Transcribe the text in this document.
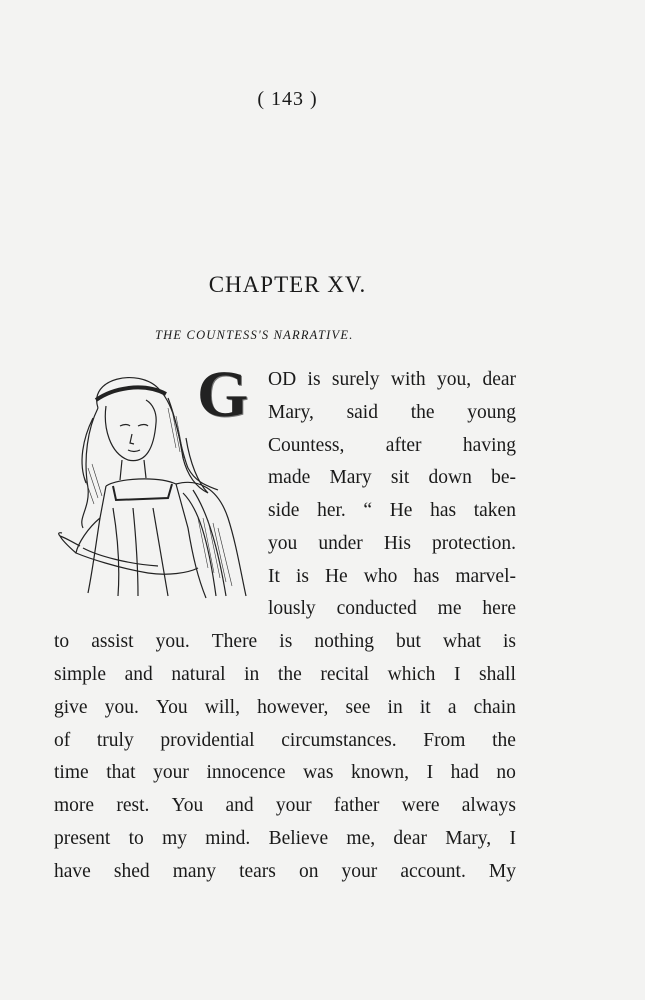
( 143 )
CHAPTER XV.
THE COUNTESS'S NARRATIVE.
G OD is surely with you, dear
Mary, said the young
Countess, after having
made Mary sit down be-
side her. “ He has taken
you under His protection.
It is He who has marvel-
lously conducted me here
to assist you. There is nothing but what is
simple and natural in the recital which I shall
give you. You will, however, see in it a chain
of truly providential circumstances. From the
time that your innocence was known, I had no
more rest. You and your father were always
present to my mind. Believe me, dear Mary, I
have shed many tears on your account. My
